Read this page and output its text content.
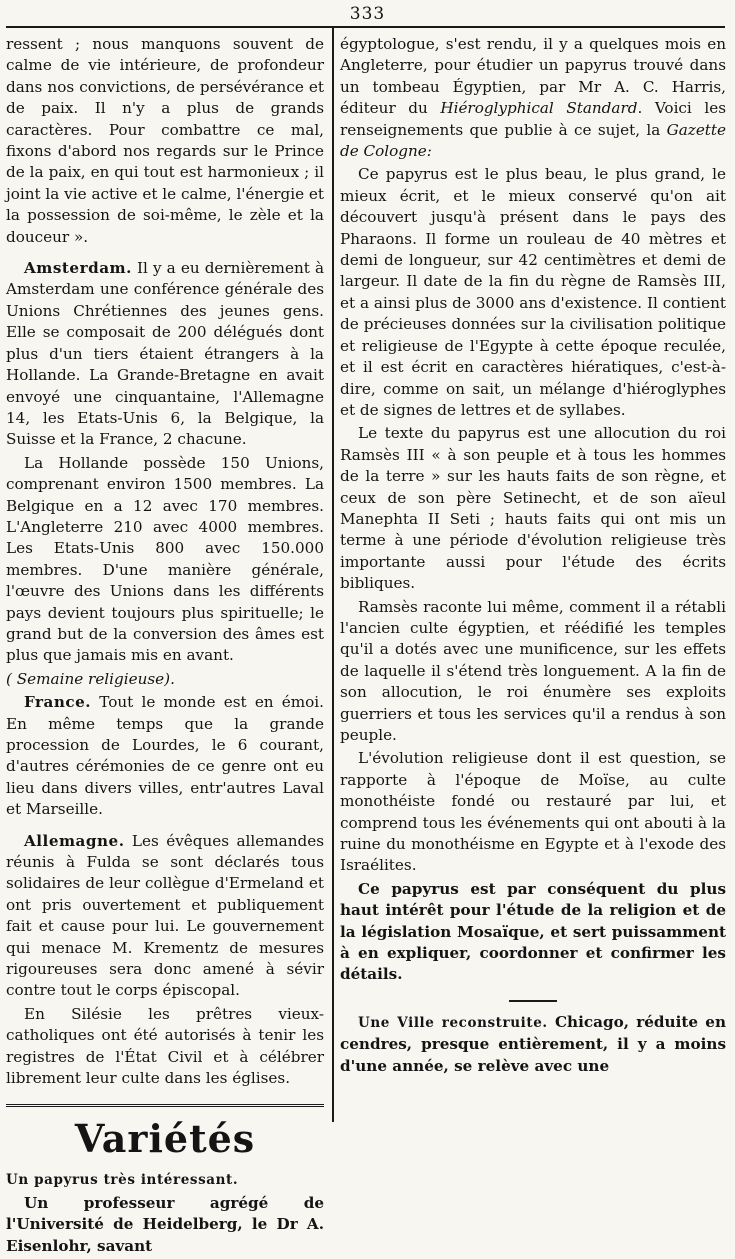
333

ressent ; nous manquons souvent de calme de vie intérieure, de profondeur dans nos convictions, de persévérance et de paix. Il n'y a plus de grands caractères. Pour combattre ce mal, fixons d'abord nos regards sur le Prince de la paix, en qui tout est harmonieux ; il joint la vie active et le calme, l'énergie et la possession de soi-même, le zèle et la douceur ».

Amsterdam. Il y a eu dernièrement à Amsterdam une conférence générale des Unions Chrétiennes des jeunes gens. Elle se composait de 200 délégués dont plus d'un tiers étaient étrangers à la Hollande. La Grande-Bretagne en avait envoyé une cinquantaine, l'Allemagne 14, les Etats-Unis 6, la Belgique, la Suisse et la France, 2 chacune.

La Hollande possède 150 Unions, comprenant environ 1500 membres. La Belgique en a 12 avec 170 membres. L'Angleterre 210 avec 4000 membres. Les Etats-Unis 800 avec 150.000 membres. D'une manière générale, l'œuvre des Unions dans les différents pays devient toujours plus spirituelle; le grand but de la conversion des âmes est plus que jamais mis en avant.

( Semaine religieuse).

France. Tout le monde est en émoi. En même temps que la grande procession de Lourdes, le 6 courant, d'autres cérémonies de ce genre ont eu lieu dans divers villes, entr'autres Laval et Marseille.

Allemagne. Les évêques allemandes réunis à Fulda se sont déclarés tous solidaires de leur collègue d'Ermeland et ont pris ouvertement et publiquement fait et cause pour lui. Le gouvernement qui menace M. Krementz de mesures rigoureuses sera donc amené à sévir contre tout le corps épiscopal.

En Silésie les prêtres vieux-catholiques ont été autorisés à tenir les registres de l'État Civil et à célébrer librement leur culte dans les églises.

Variétés

Un papyrus très intéressant.

Un professeur agrégé de l'Université de Heidelberg, le Dr A. Eisenlohr, savant

égyptologue, s'est rendu, il y a quelques mois en Angleterre, pour étudier un papyrus trouvé dans un tombeau Égyptien, par Mr A. C. Harris, éditeur du Hiéroglyphical Standard. Voici les renseignements que publie à ce sujet, la Gazette de Cologne:

Ce papyrus est le plus beau, le plus grand, le mieux écrit, et le mieux conservé qu'on ait découvert jusqu'à présent dans le pays des Pharaons. Il forme un rouleau de 40 mètres et demi de longueur, sur 42 centimètres et demi de largeur. Il date de la fin du règne de Ramsès III, et a ainsi plus de 3000 ans d'existence. Il contient de précieuses données sur la civilisation politique et religieuse de l'Egypte à cette époque reculée, et il est écrit en caractères hiératiques, c'est-à-dire, comme on sait, un mélange d'hiéroglyphes et de signes de lettres et de syllabes.

Le texte du papyrus est une allocution du roi Ramsès III « à son peuple et à tous les hommes de la terre » sur les hauts faits de son règne, et ceux de son père Setinecht, et de son aïeul Manephta II Seti ; hauts faits qui ont mis un terme à une période d'évolution religieuse très importante aussi pour l'étude des écrits bibliques.

Ramsès raconte lui même, comment il a rétabli l'ancien culte égyptien, et réédifié les temples qu'il a dotés avec une munificence, sur les effets de laquelle il s'étend très longuement. A la fin de son allocution, le roi énumère ses exploits guerriers et tous les services qu'il a rendus à son peuple.

L'évolution religieuse dont il est question, se rapporte à l'époque de Moïse, au culte monothéiste fondé ou restauré par lui, et comprend tous les événements qui ont abouti à la ruine du monothéisme en Egypte et à l'exode des Israélites.

Ce papyrus est par conséquent du plus haut intérêt pour l'étude de la religion et de la législation Mosaïque, et sert puissamment à en expliquer, coordonner et confirmer les détails.

Une Ville reconstruite. Chicago, réduite en cendres, presque entièrement, il y a moins d'une année, se relève avec une
